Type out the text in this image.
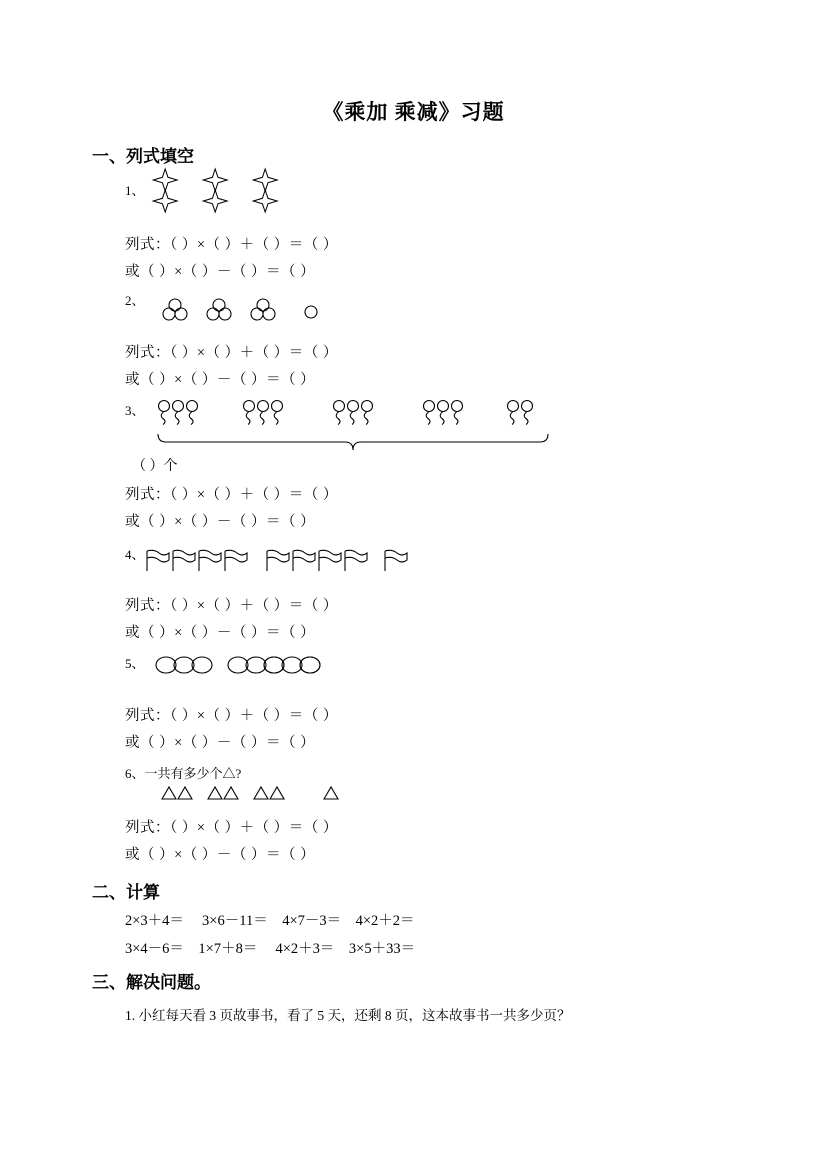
《乘加 乘减》习题
一、列式填空
1、
列式：（ ）×（ ）＋（ ）＝（ ）
或（ ）×（ ）－（ ）＝（ ）
2、
列式：（ ）×（ ）＋（ ）＝（ ）
或（ ）×（ ）－（ ）＝（ ）
3、
（ ）个
列式：（ ）×（ ）＋（ ）＝（ ）
或（ ）×（ ）－（ ）＝（ ）
4、
列式：（ ）×（ ）＋（ ）＝（ ）
或（ ）×（ ）－（ ）＝（ ）
5、
列式：（ ）×（ ）＋（ ）＝（ ）
或（ ）×（ ）－（ ）＝（ ）
6、一共有多少个△?
列式：（ ）×（ ）＋（ ）＝（ ）
或（ ）×（ ）－（ ）＝（ ）
二、计算
2×3＋4＝     3×6－11＝    4×7－3＝    4×2＋2＝
3×4－6＝    1×7＋8＝     4×2＋3＝    3×5＋33＝
三、解决问题。
1. 小红每天看 3 页故事书，看了 5 天，还剩 8 页，这本故事书一共多少页？
